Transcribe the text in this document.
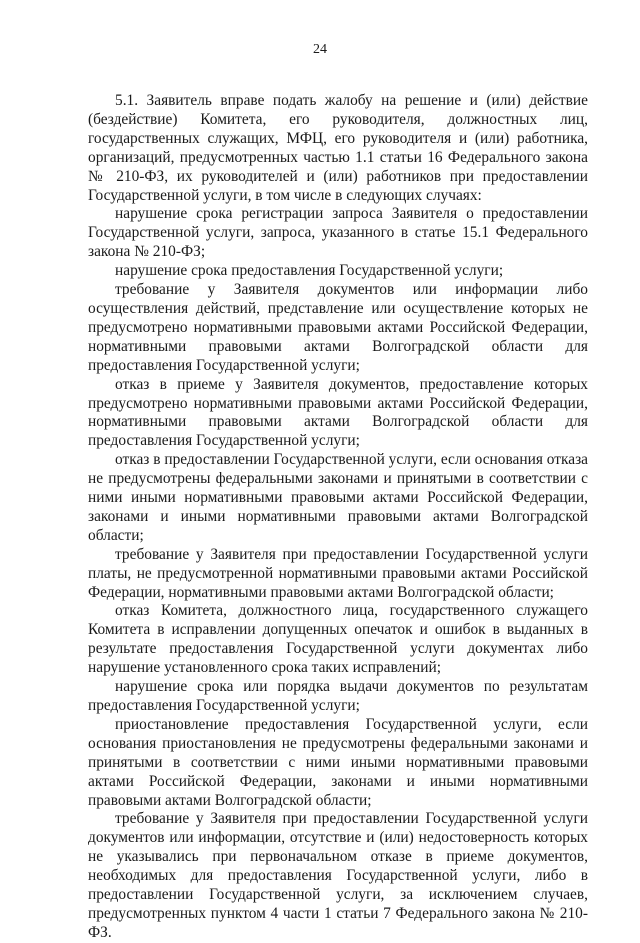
24

5.1. Заявитель вправе подать жалобу на решение и (или) действие (бездействие) Комитета, его руководителя, должностных лиц, государственных служащих, МФЦ, его руководителя и (или) работника, организаций, предусмотренных частью 1.1 статьи 16 Федерального закона № 210-ФЗ, их руководителей и (или) работников при предоставлении Государственной услуги, в том числе в следующих случаях:

нарушение срока регистрации запроса Заявителя о предоставлении Государственной услуги, запроса, указанного в статье 15.1 Федерального закона № 210-ФЗ;

нарушение срока предоставления Государственной услуги;

требование у Заявителя документов или информации либо осуществления действий, представление или осуществление которых не предусмотрено нормативными правовыми актами Российской Федерации, нормативными правовыми актами Волгоградской области для предоставления Государственной услуги;

отказ в приеме у Заявителя документов, предоставление которых предусмотрено нормативными правовыми актами Российской Федерации, нормативными правовыми актами Волгоградской области для предоставления Государственной услуги;

отказ в предоставлении Государственной услуги, если основания отказа не предусмотрены федеральными законами и принятыми в соответствии с ними иными нормативными правовыми актами Российской Федерации, законами и иными нормативными правовыми актами Волгоградской области;

требование у Заявителя при предоставлении Государственной услуги платы, не предусмотренной нормативными правовыми актами Российской Федерации, нормативными правовыми актами Волгоградской области;

отказ Комитета, должностного лица, государственного служащего Комитета в исправлении допущенных опечаток и ошибок в выданных в результате предоставления Государственной услуги документах либо нарушение установленного срока таких исправлений;

нарушение срока или порядка выдачи документов по результатам предоставления Государственной услуги;

приостановление предоставления Государственной услуги, если основания приостановления не предусмотрены федеральными законами и принятыми в соответствии с ними иными нормативными правовыми актами Российской Федерации, законами и иными нормативными правовыми актами Волгоградской области;

требование у Заявителя при предоставлении Государственной услуги документов или информации, отсутствие и (или) недостоверность которых не указывались при первоначальном отказе в приеме документов, необходимых для предоставления Государственной услуги, либо в предоставлении Государственной услуги, за исключением случаев, предусмотренных пунктом 4 части 1 статьи 7 Федерального закона № 210-ФЗ.
